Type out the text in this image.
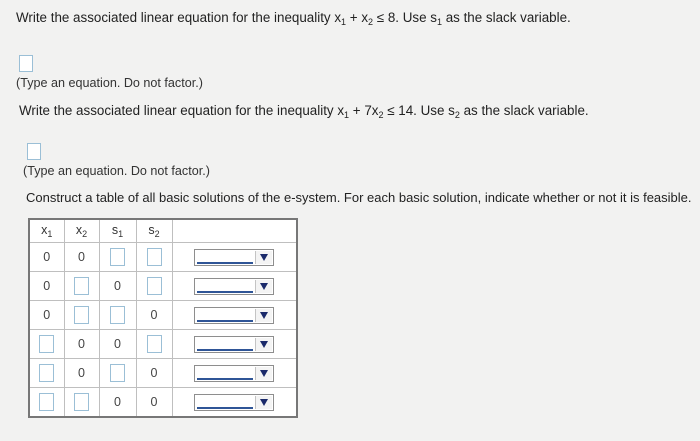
Write the associated linear equation for the inequality $x_1 + x_2 \le 8$. Use $s_1$ as the slack variable.
(Type an equation. Do not factor.)
Write the associated linear equation for the inequality $x_1 + 7x_2 \le 14$. Use $s_2$ as the slack variable.
(Type an equation. Do not factor.)
Construct a table of all basic solutions of the e-system. For each basic solution, indicate whether or not it is feasible.
$x_1$	$x_2$	$s_1$	$s_2$	
0	0			

0		0		

0			0	

	0	0		

	0		0	

		0	0	
